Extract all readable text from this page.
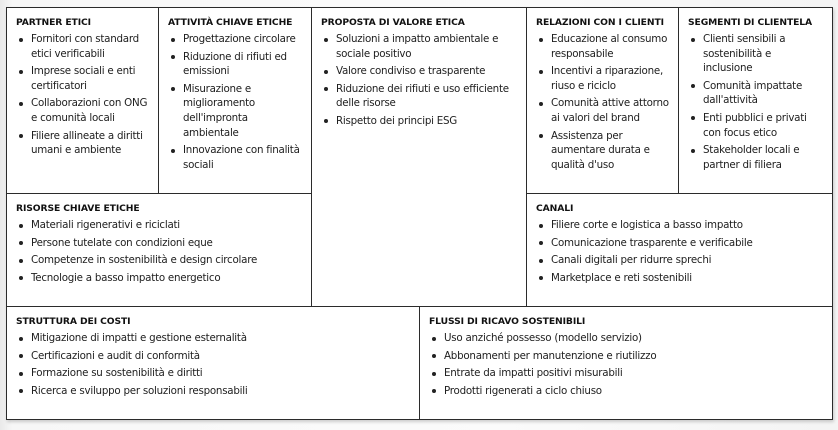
PARTNER ETICI
Fornitori con standard etici verificabili
Imprese sociali e enti certificatori
Collaborazioni con ONG e comunità locali
Filiere allineate a diritti umani e ambiente
ATTIVITÀ CHIAVE ETICHE
Progettazione circolare
Riduzione di rifiuti ed emissioni
Misurazione e miglioramento dell'impronta ambientale
Innovazione con finalità sociali
RISORSE CHIAVE ETICHE
Materiali rigenerativi e riciclati
Persone tutelate con condizioni eque
Competenze in sostenibilità e design circolare
Tecnologie a basso impatto energetico
PROPOSTA DI VALORE ETICA
Soluzioni a impatto ambientale e sociale positivo
Valore condiviso e trasparente
Riduzione dei rifiuti e uso efficiente delle risorse
Rispetto dei principi ESG
RELAZIONI CON I CLIENTI
Educazione al consumo responsabile
Incentivi a riparazione, riuso e riciclo
Comunità attive attorno ai valori del brand
Assistenza per aumentare durata e qualità d'uso
SEGMENTI DI CLIENTELA
Clienti sensibili a sostenibilità e inclusione
Comunità impattate dall'attività
Enti pubblici e privati con focus etico
Stakeholder locali e partner di filiera
CANALI
Filiere corte e logistica a basso impatto
Comunicazione trasparente e verificabile
Canali digitali per ridurre sprechi
Marketplace e reti sostenibili
STRUTTURA DEI COSTI
Mitigazione di impatti e gestione esternalità
Certificazioni e audit di conformità
Formazione su sostenibilità e diritti
Ricerca e sviluppo per soluzioni responsabili
FLUSSI DI RICAVO SOSTENIBILI
Uso anziché possesso (modello servizio)
Abbonamenti per manutenzione e riutilizzo
Entrate da impatti positivi misurabili
Prodotti rigenerati a ciclo chiuso
